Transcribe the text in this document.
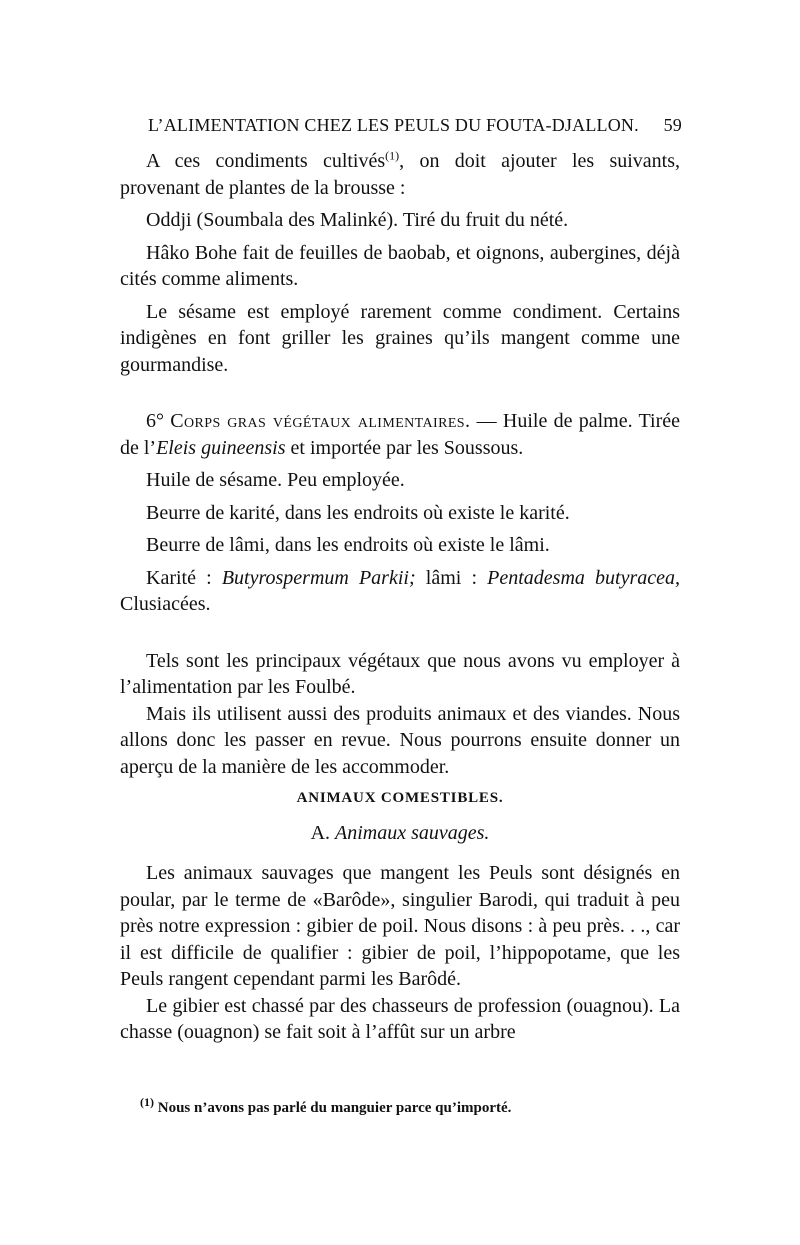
L’ALIMENTATION CHEZ LES PEULS DU FOUTA-DJALLON. 59

A ces condiments cultivés$^{(1)}$, on doit ajouter les suivants, provenant de plantes de la brousse :

Oddji (Soumbala des Malinké). Tiré du fruit du nété.

Hâko Bohe fait de feuilles de baobab, et oignons, aubergines, déjà cités comme aliments.

Le sésame est employé rarement comme condiment. Certains indigènes en font griller les graines qu’ils mangent comme une gourmandise.

6° Corps gras végétaux alimentaires. — Huile de palme. Tirée de l’Eleis guineensis et importée par les Soussous.

Huile de sésame. Peu employée.

Beurre de karité, dans les endroits où existe le karité.

Beurre de lâmi, dans les endroits où existe le lâmi.

Karité : Butyrospermum Parkii; lâmi : Pentadesma butyracea, Clusiacées.

Tels sont les principaux végétaux que nous avons vu employer à l’alimentation par les Foulbé.

Mais ils utilisent aussi des produits animaux et des viandes. Nous allons donc les passer en revue. Nous pourrons ensuite donner un aperçu de la manière de les accommoder.

ANIMAUX COMESTIBLES.
A. Animaux sauvages.

Les animaux sauvages que mangent les Peuls sont désignés en poular, par le terme de «Barôde», singulier Barodi, qui traduit à peu près notre expression : gibier de poil. Nous disons : à peu près. . ., car il est difficile de qualifier : gibier de poil, l’hippopotame, que les Peuls rangent cependant parmi les Barôdé.

Le gibier est chassé par des chasseurs de profession (ouagnou). La chasse (ouagnon) se fait soit à l’affût sur un arbre

$^{(1)}$ Nous n’avons pas parlé du manguier parce qu’importé.
